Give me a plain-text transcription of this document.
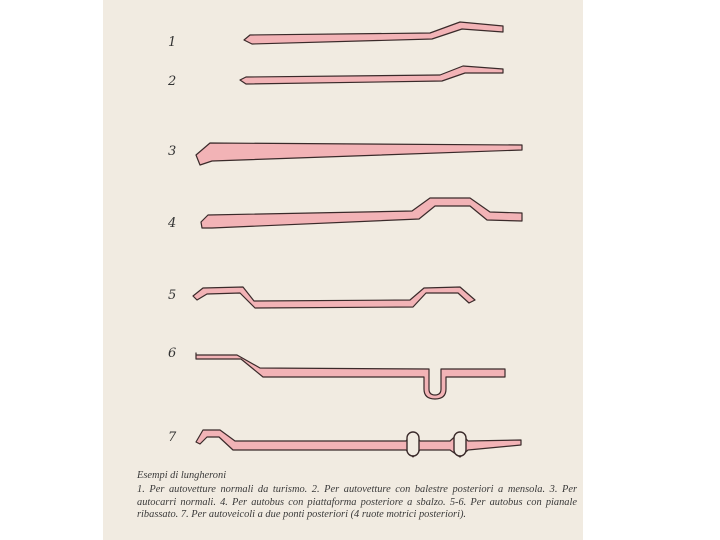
1
2
3
4
5
6
7
Esempi di lungheroni
1. Per autovetture normali da turismo. 2. Per autovetture con balestre posteriori a mensola. 3. Per autocarri normali. 4. Per autobus con piattaforma posteriore a sbalzo. 5-6. Per autobus con pianale ribassato. 7. Per autoveicoli a due ponti posteriori (4 ruote motrici posteriori).
